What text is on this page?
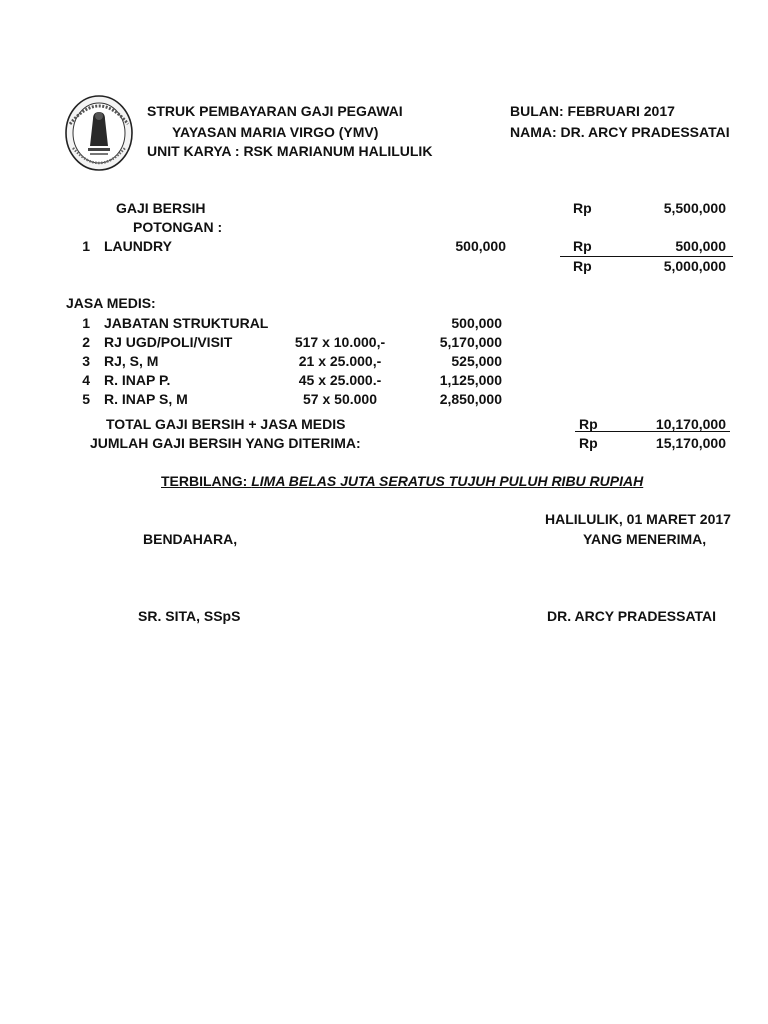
STRUK PEMBAYARAN GAJI PEGAWAI
YAYASAN MARIA VIRGO (YMV)
UNIT KARYA : RSK MARIANUM HALILULIK
BULAN: FEBRUARI 2017
NAMA: DR. ARCY PRADESSATAI
GAJI BERSIH	Rp	5,500,000
POTONGAN :
1 LAUNDRY	500,000	Rp	500,000
Rp	5,000,000
JASA MEDIS:
1 JABATAN STRUKTURAL	500,000
2 RJ UGD/POLI/VISIT	517 x 10.000,-	5,170,000
3 RJ, S, M	21 x 25.000,-	525,000
4 R. INAP P.	45 x 25.000.-	1,125,000
5 R. INAP S, M	57 x 50.000	2,850,000
TOTAL GAJI BERSIH + JASA MEDIS	Rp	10,170,000
JUMLAH GAJI BERSIH YANG DITERIMA:	Rp	15,170,000
TERBILANG: LIMA BELAS JUTA SERATUS TUJUH PULUH RIBU RUPIAH
HALILULIK, 01 MARET 2017
BENDAHARA,	YANG MENERIMA,
SR. SITA, SSpS	DR. ARCY PRADESSATAI
